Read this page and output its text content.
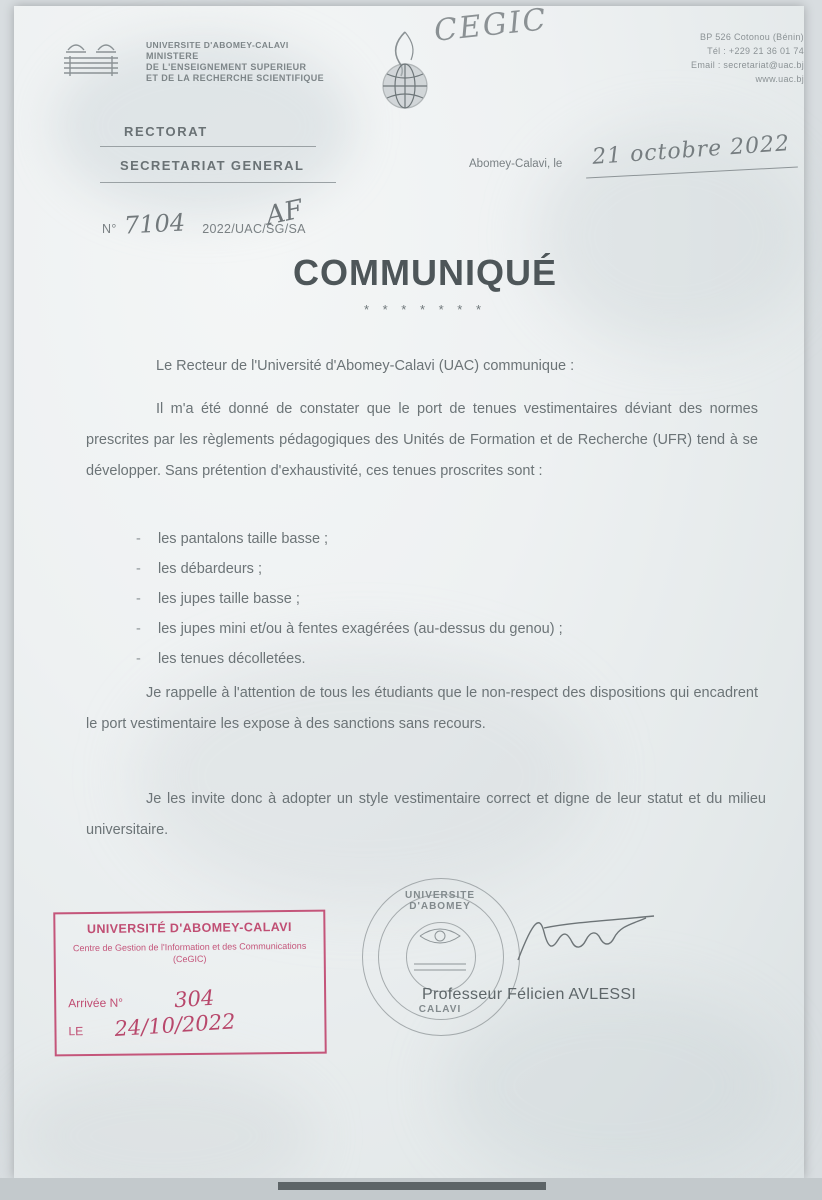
UNIVERSITE D'ABOMEY-CALAVI
MINISTERE
DE L'ENSEIGNEMENT SUPERIEUR
ET DE LA RECHERCHE SCIENTIFIQUE
RECTORAT
SECRETARIAT GENERAL
CEGIC	BP 526 Cotonou (Bénin)
Tél : +229 21 36 01 74
Email : secretariat@uac.bj
www.uac.bj
Abomey-Calavi, le 21 octobre 2022
N°	2022/UAC/SG/SA
7104	AF
COMMUNIQUÉ
* * * * * * *
Le Recteur de l'Université d'Abomey-Calavi (UAC) communique :
Il m'a été donné de constater que le port de tenues vestimentaires déviant des normes prescrites par les règlements pédagogiques des Unités de Formation et de Recherche (UFR) tend à se développer. Sans prétention d'exhaustivité, ces tenues proscrites sont :
- les pantalons taille basse ;
- les débardeurs ;
- les jupes taille basse ;
- les jupes mini et/ou à fentes exagérées (au-dessus du genou) ;
- les tenues décolletées.
Je rappelle à l'attention de tous les étudiants que le non-respect des dispositions qui encadrent le port vestimentaire les expose à des sanctions sans recours.
Je les invite donc à adopter un style vestimentaire correct et digne de leur statut et du milieu universitaire.
UNIVERSITÉ D'ABOMEY-CALAVI
Centre de Gestion de l'Information et des Communications (CeGIC)
Arrivée N° 304
LE 24/10/2022
UNIVERSITE D'ABOMEY
CALAVI
Professeur Félicien AVLESSI
